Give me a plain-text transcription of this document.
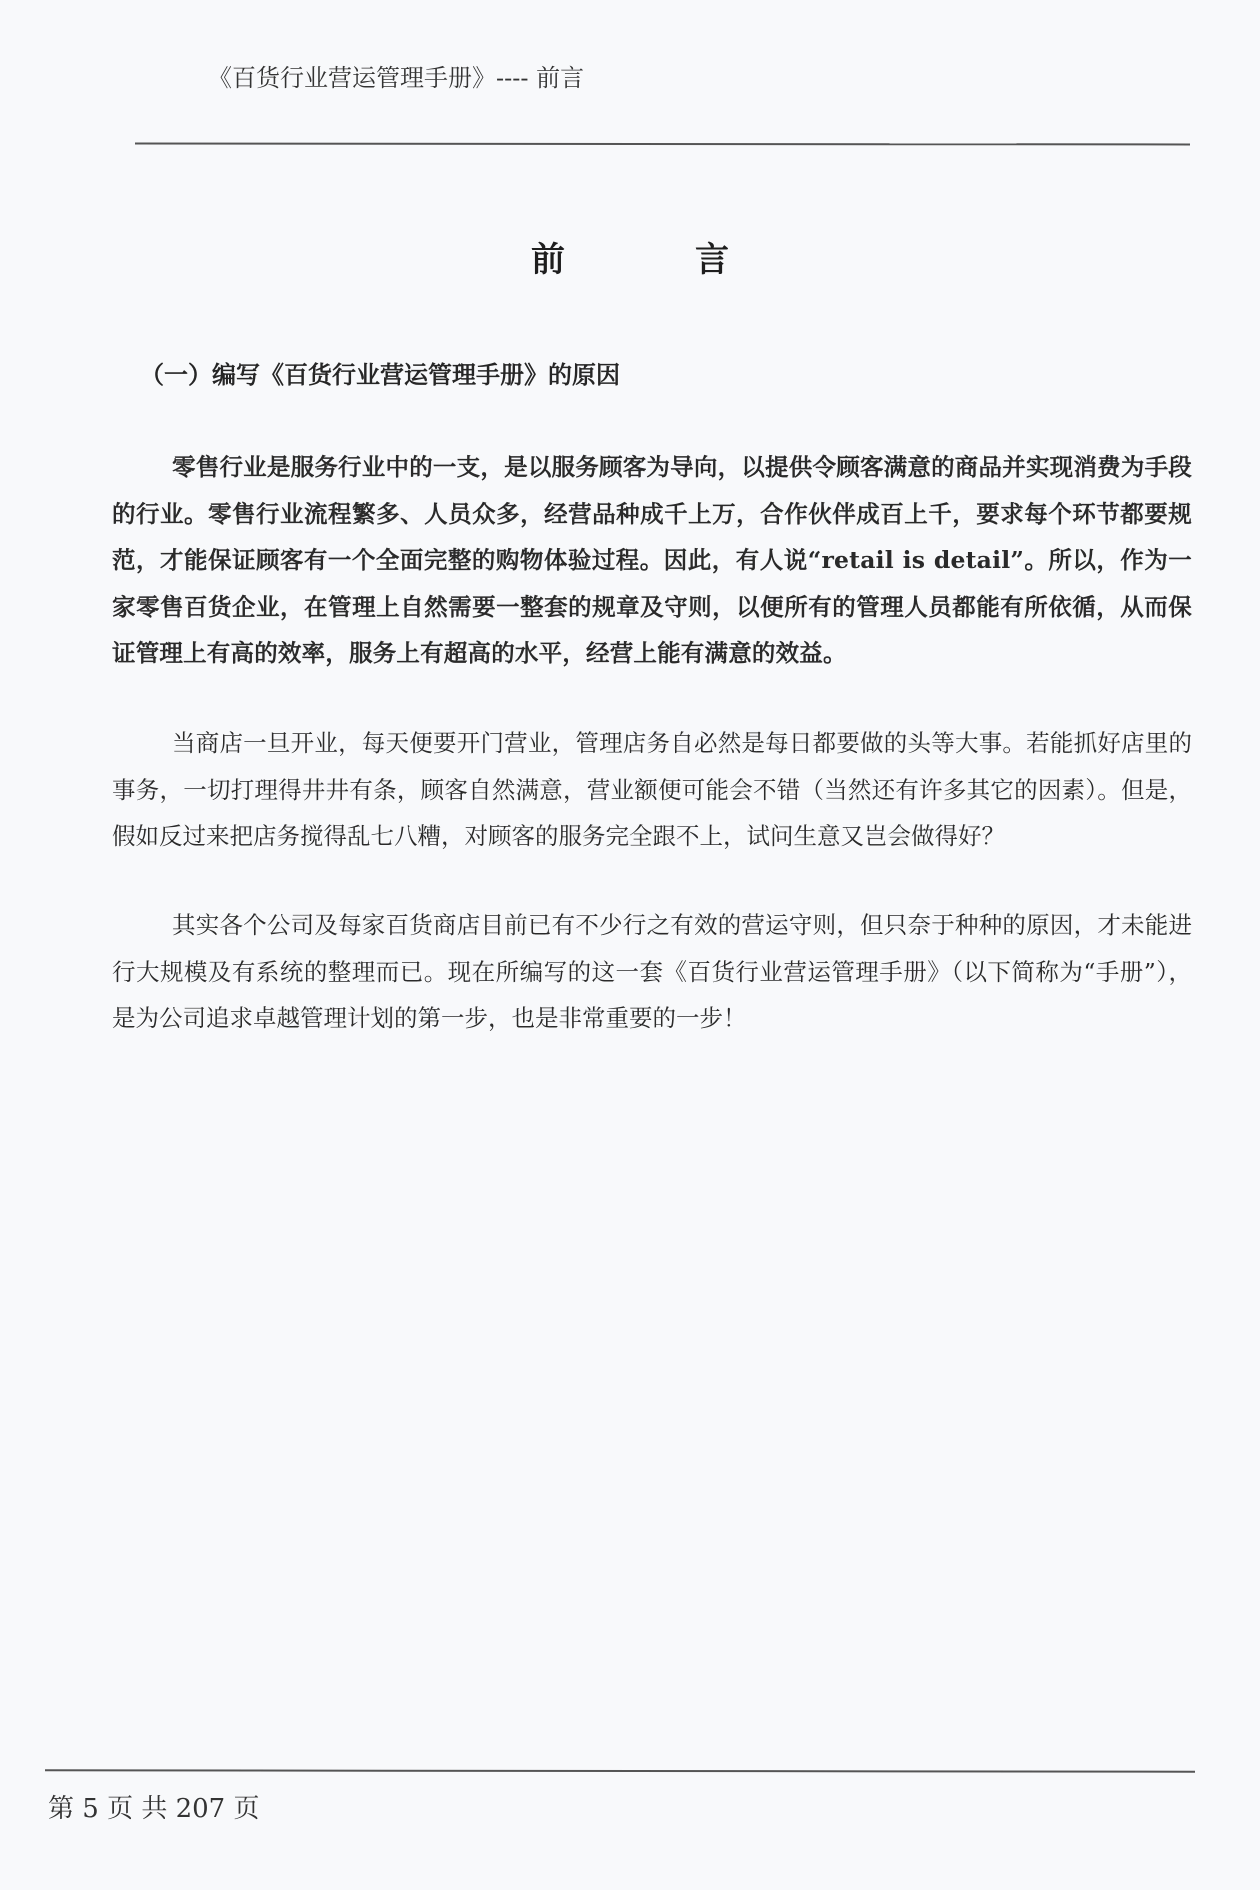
《百货行业营运管理手册》---- 前言
前言
（一）编写《百货行业营运管理手册》的原因
零售行业是服务行业中的一支，是以服务顾客为导向，以提供令顾客满意的商品并实现消费为手段的行业。零售行业流程繁多、人员众多，经营品种成千上万，合作伙伴成百上千，要求每个环节都要规范，才能保证顾客有一个全面完整的购物体验过程。因此，有人说“retail is detail”。所以，作为一家零售百货企业，在管理上自然需要一整套的规章及守则，以便所有的管理人员都能有所依循，从而保证管理上有高的效率，服务上有超高的水平，经营上能有满意的效益。
当商店一旦开业，每天便要开门营业，管理店务自必然是每日都要做的头等大事。若能抓好店里的事务，一切打理得井井有条，顾客自然满意，营业额便可能会不错（当然还有许多其它的因素）。但是，假如反过来把店务搅得乱七八糟，对顾客的服务完全跟不上，试问生意又岂会做得好？
其实各个公司及每家百货商店目前已有不少行之有效的营运守则，但只奈于种种的原因，才未能进行大规模及有系统的整理而已。现在所编写的这一套《百货行业营运管理手册》（以下简称为“手册”），是为公司追求卓越管理计划的第一步，也是非常重要的一步！
第 5 页 共 207 页
